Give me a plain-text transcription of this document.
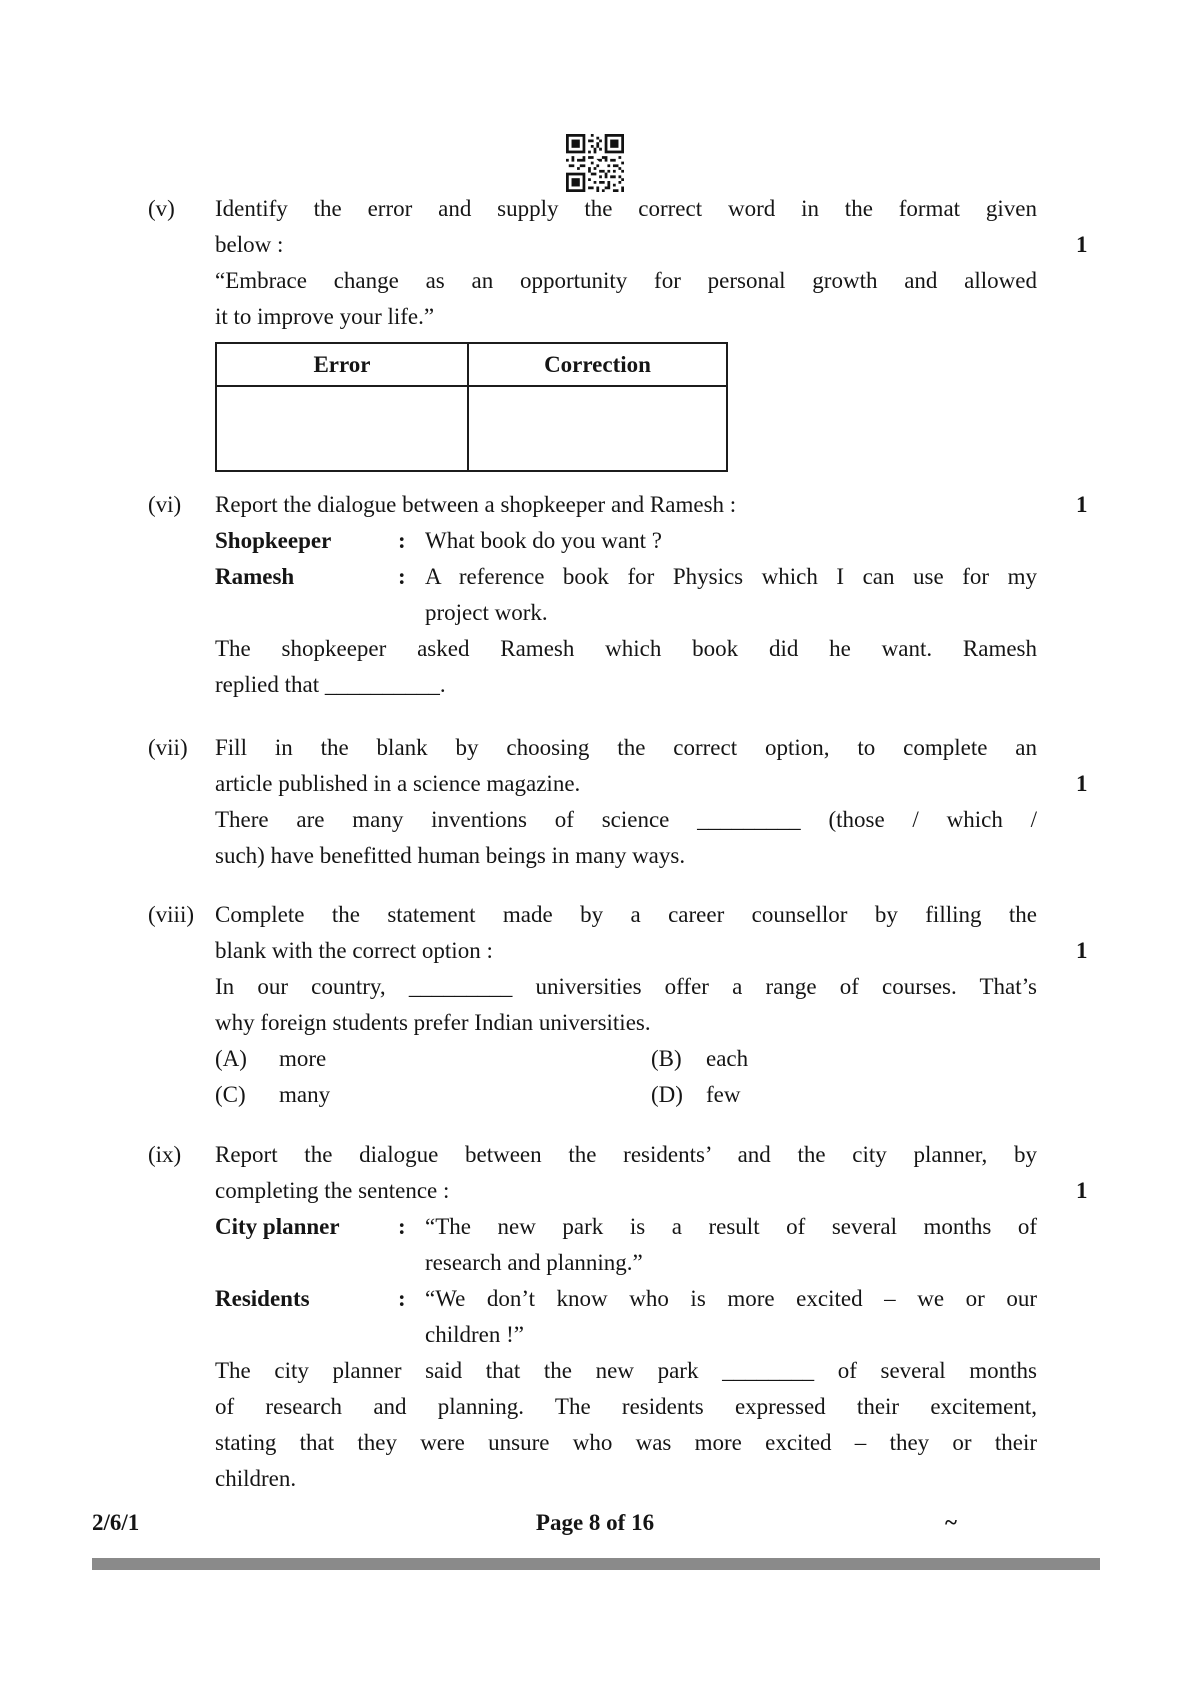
(v)	Identify the error and supply the correct word in the format given
below :
“Embrace change as an opportunity for personal growth and allowed
it to improve your life.”
Error	Correction

1
(vi)	Report the dialogue between a shopkeeper and Ramesh :
Shopkeeper	: What book do you want ?
Ramesh	: A reference book for Physics which I can use for my
project work.
The shopkeeper asked Ramesh which book did he want. Ramesh
replied that __________.
1
(vii)	Fill in the blank by choosing the correct option, to complete an
article published in a science magazine.
There are many inventions of science _________ (those / which /
such) have benefitted human beings in many ways.
1
(viii) Complete the statement made by a career counsellor by filling the
blank with the correct option :
In our country, _________ universities offer a range of courses. That’s
why foreign students prefer Indian universities.
(A)	more	(B)	each
(C)	many	(D)	few
1
(ix)	Report the dialogue between the residents’ and the city planner, by
completing the sentence :
City planner	: “The new park is a result of several months of
research and planning.”
Residents	: “We don’t know who is more excited – we or our
children !”
The city planner said that the new park ________ of several months
of research and planning. The residents expressed their excitement,
stating that they were unsure who was more excited – they or their
children.
1
2/6/1	Page 8 of 16	~
